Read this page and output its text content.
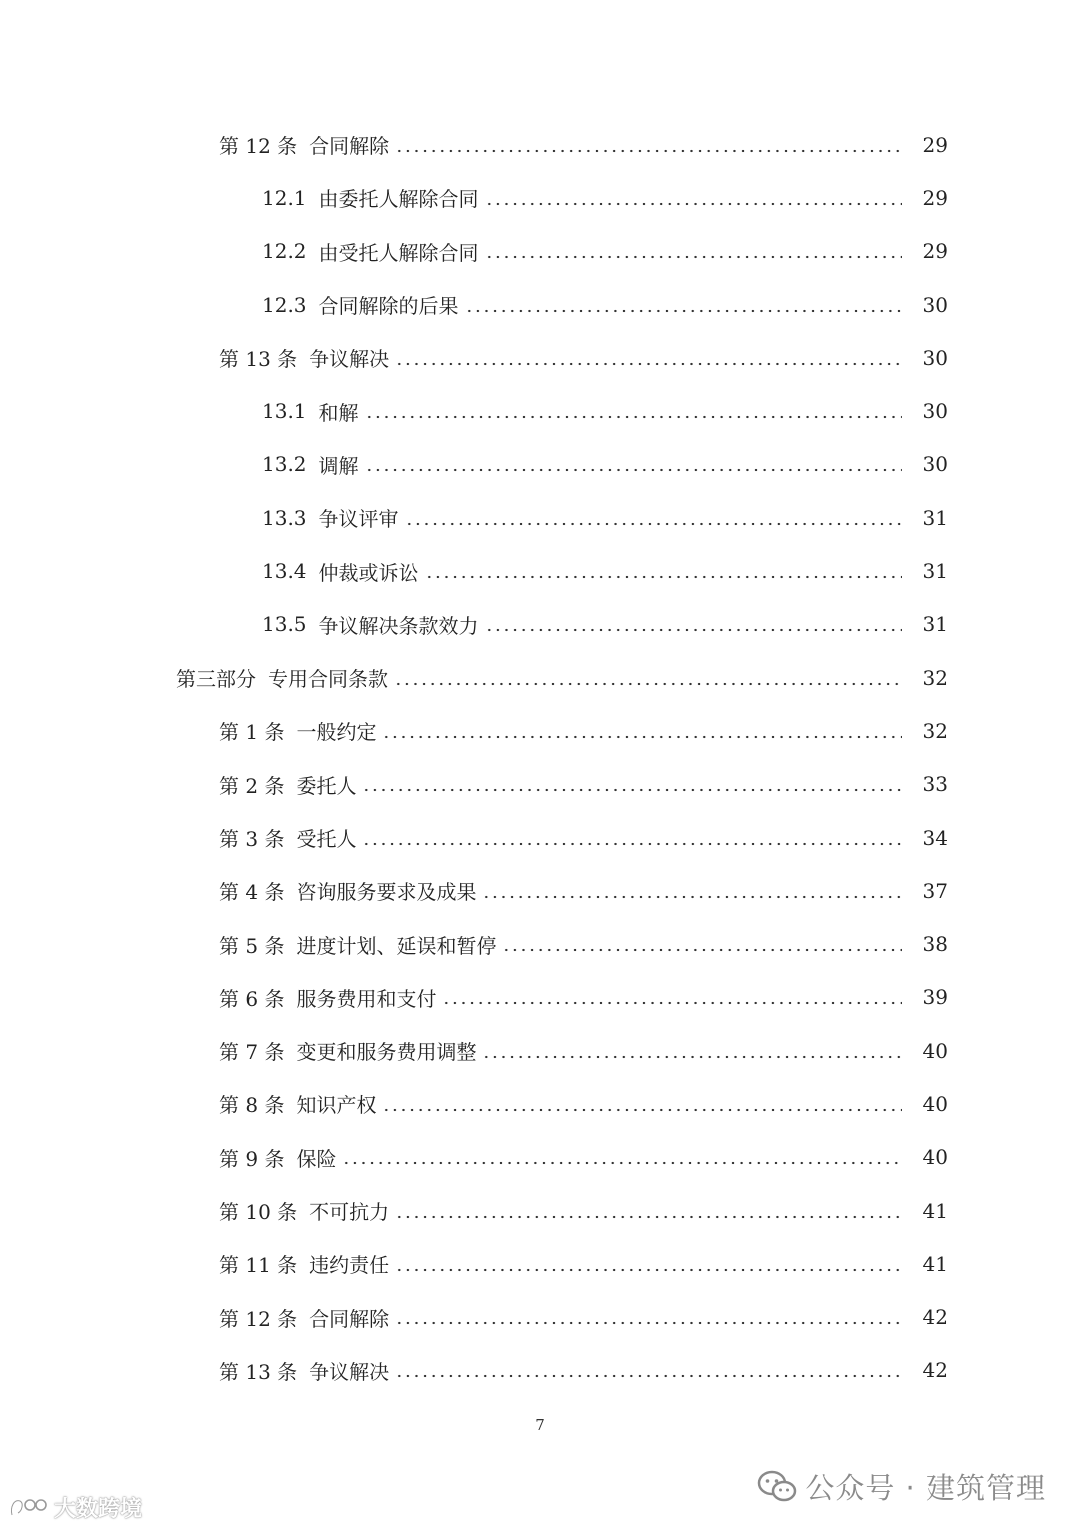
第 12 条 合同解除	29
12.1 由委托人解除合同	29
12.2 由受托人解除合同	29
12.3 合同解除的后果	30
第 13 条 争议解决	30
13.1 和解	30
13.2 调解	30
13.3 争议评审	31
13.4 仲裁或诉讼	31
13.5 争议解决条款效力	31
第三部分 专用合同条款	32
第 1 条 一般约定	32
第 2 条 委托人	33
第 3 条 受托人	34
第 4 条 咨询服务要求及成果	37
第 5 条 进度计划、延误和暂停	38
第 6 条 服务费用和支付	39
第 7 条 变更和服务费用调整	40
第 8 条 知识产权	40
第 9 条 保险	40
第 10 条 不可抗力	41
第 11 条 违约责任	41
第 12 条 合同解除	42
第 13 条 争议解决	42
7
公众号 · 建筑管理
大数跨境
